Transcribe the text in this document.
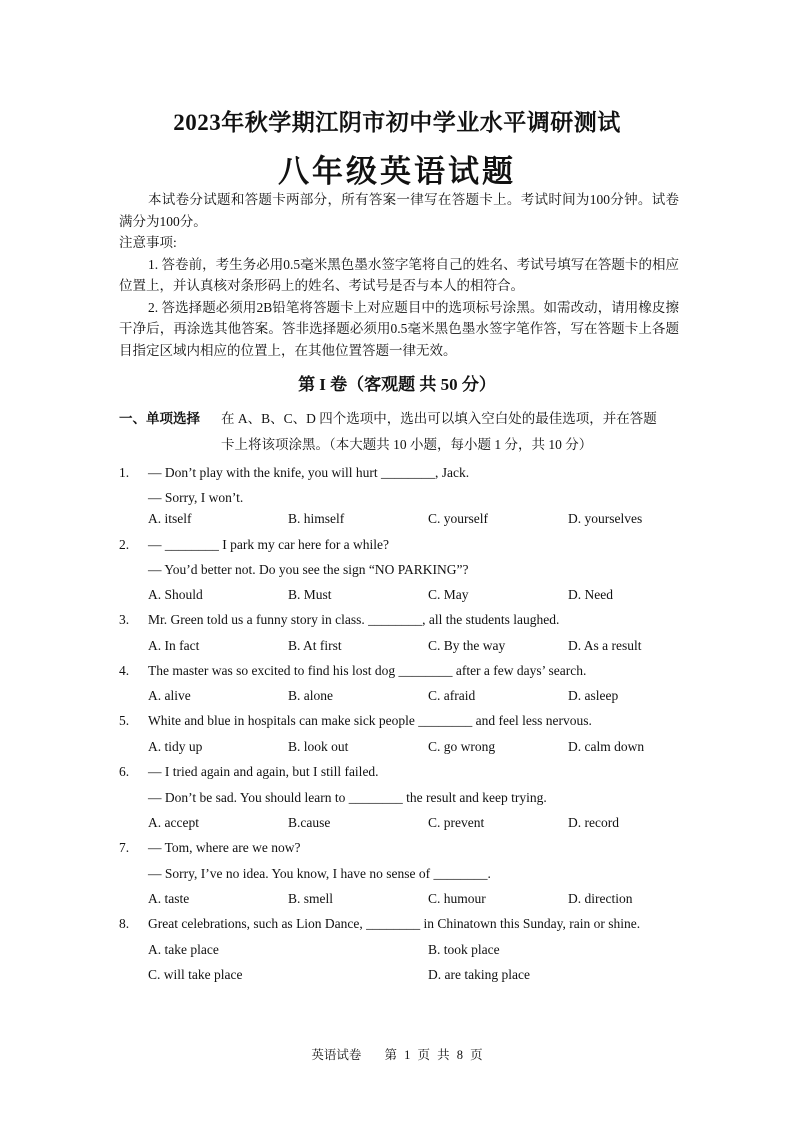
2023年秋学期江阴市初中学业水平调研测试
八年级英语试题

本试卷分试题和答题卡两部分，所有答案一律写在答题卡上。考试时间为100分钟。试卷满分为100分。

注意事项:

1. 答卷前，考生务必用0.5毫米黑色墨水签字笔将自己的姓名、考试号填写在答题卡的相应位置上，并认真核对条形码上的姓名、考试号是否与本人的相符合。

2. 答选择题必须用2B铅笔将答题卡上对应题目中的选项标号涂黑。如需改动，请用橡皮擦干净后，再涂选其他答案。答非选择题必须用0.5毫米黑色墨水签字笔作答，写在答题卡上各题目指定区域内相应的位置上，在其他位置答题一律无效。

第 I 卷（客观题 共 50 分）
一、单项选择 在 A、B、C、D 四个选项中，选出可以填入空白处的最佳选项，并在答题
卡上将该项涂黑。（本大题共 10 小题，每小题 1 分，共 10 分）
1. — Don’t play with the knife, you will hurt ________, Jack.
— Sorry, I won’t.
A. itself	B. himself	C. yourself	D. yourselves
2. — ________ I park my car here for a while?
— You’d better not. Do you see the sign “NO PARKING”?
A. Should	B. Must	C. May	D. Need
3. Mr. Green told us a funny story in class. ________, all the students laughed.
A. In fact	B. At first	C. By the way	D. As a result
4. The master was so excited to find his lost dog ________ after a few days’ search.
A. alive	B. alone	C. afraid	D. asleep
5. White and blue in hospitals can make sick people ________ and feel less nervous.
A. tidy up	B. look out	C. go wrong	D. calm down
6. — I tried again and again, but I still failed.
— Don’t be sad. You should learn to ________ the result and keep trying.
A. accept	B.cause	C. prevent	D. record
7. — Tom, where are we now?
— Sorry, I’ve no idea. You know, I have no sense of ________.
A. taste	B. smell	C. humour	D. direction
8. Great celebrations, such as Lion Dance, ________ in Chinatown this Sunday, rain or shine.
A. take place	B. took place
C. will take place	D. are taking place
英语试卷 第 1 页 共 8 页
